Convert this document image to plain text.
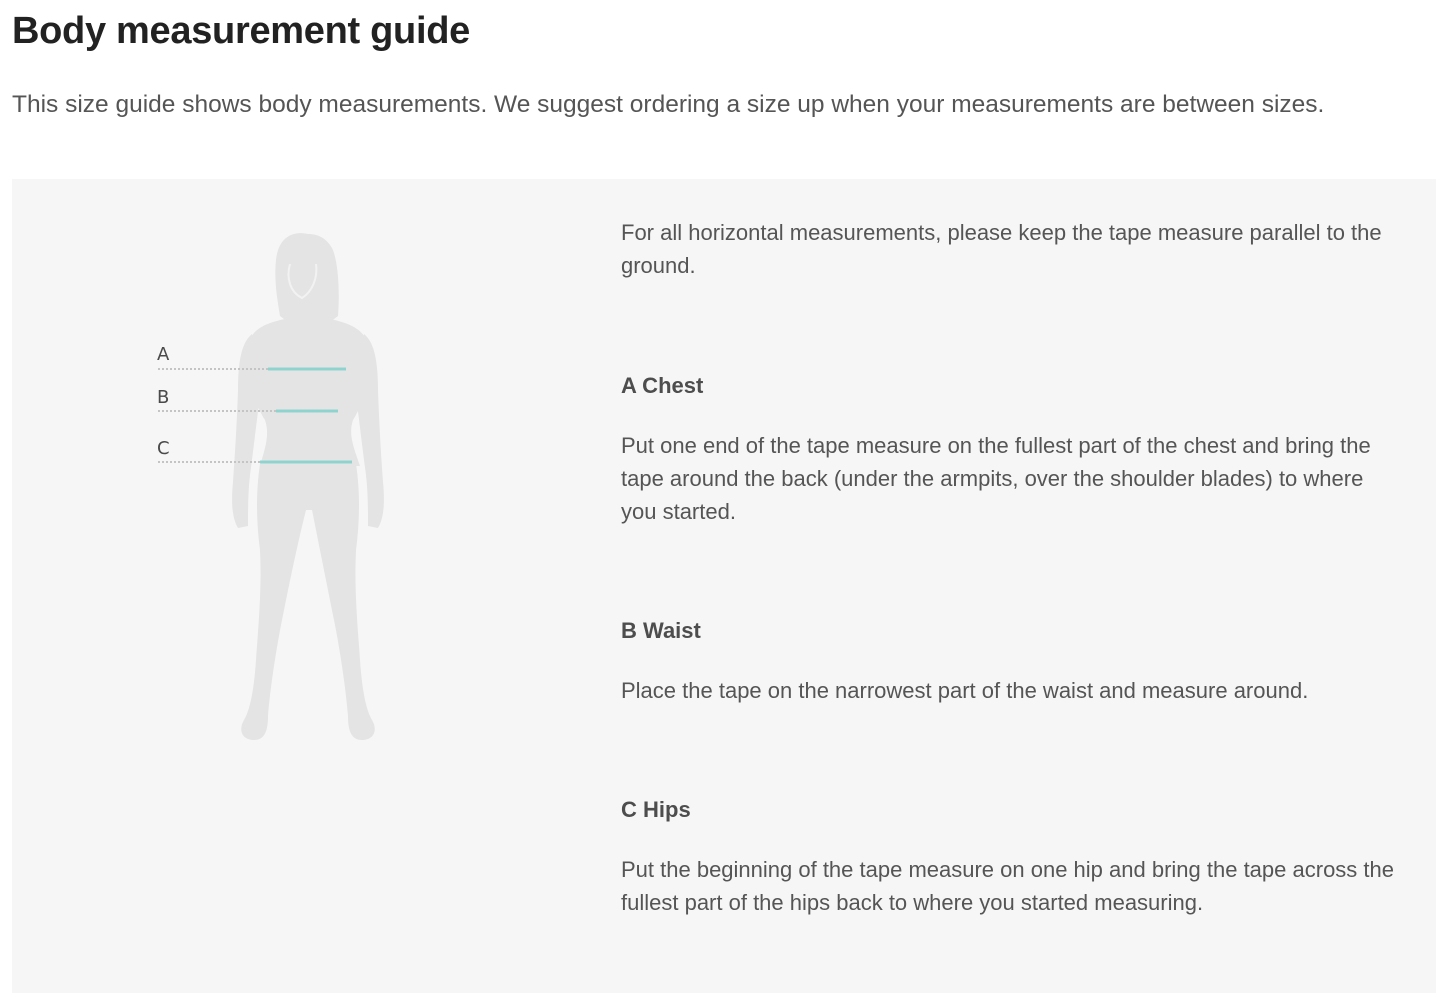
Body measurement guide

This size guide shows body measurements. We suggest ordering a size up when your measurements are between sizes.

A
B
C

For all horizontal measurements, please keep the tape measure parallel to the ground.

A Chest

Put one end of the tape measure on the fullest part of the chest and bring the tape around the back (under the armpits, over the shoulder blades) to where you started.

B Waist

Place the tape on the narrowest part of the waist and measure around.

C Hips

Put the beginning of the tape measure on one hip and bring the tape across the fullest part of the hips back to where you started measuring.
